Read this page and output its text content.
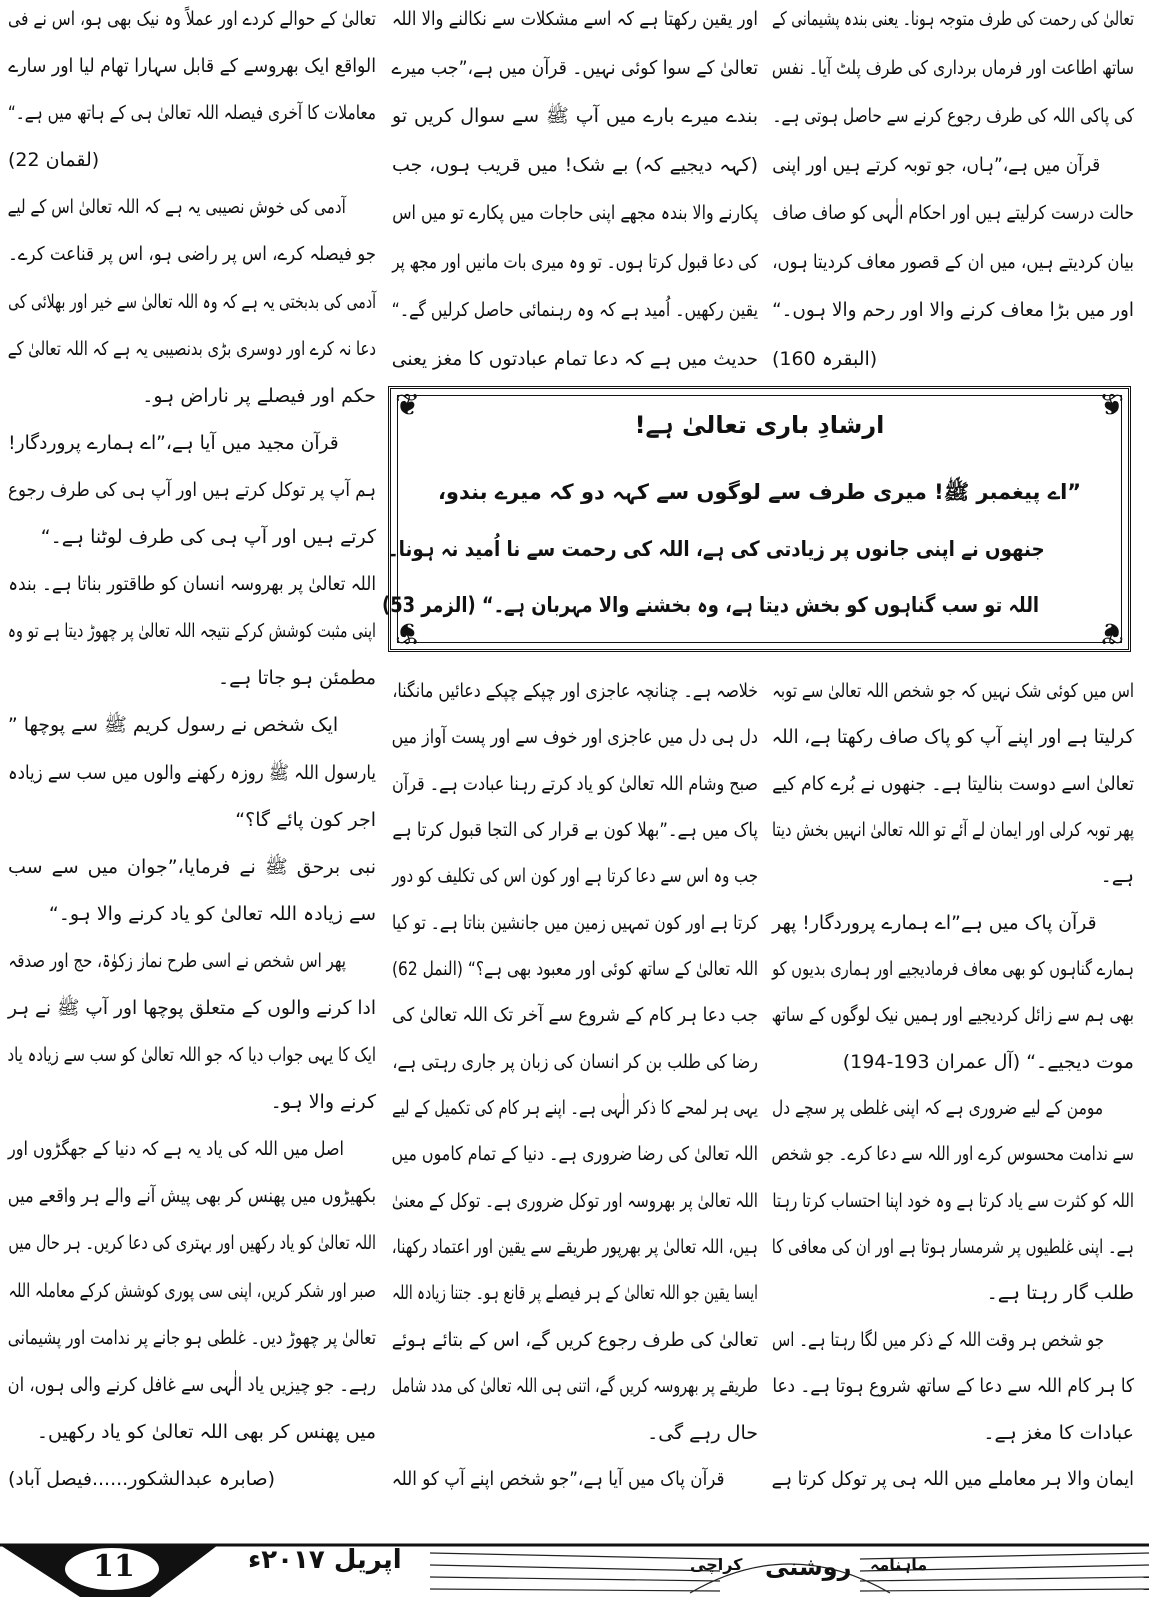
تعالیٰ کے حوالے کردے اور عملاً وہ نیک بھی ہو، اس نے فی
الواقع ایک بھروسے کے قابل سہارا تھام لیا اور سارے
معاملات کا آخری فیصلہ اللہ تعالیٰ ہی کے ہاتھ میں ہے۔“
(لقمان 22)
آدمی کی خوش نصیبی یہ ہے کہ اللہ تعالیٰ اس کے لیے
جو فیصلہ کرے، اس پر راضی ہو، اس پر قناعت کرے۔
آدمی کی بدبختی یہ ہے کہ وہ اللہ تعالیٰ سے خیر اور بھلائی کی
دعا نہ کرے اور دوسری بڑی بدنصیبی یہ ہے کہ اللہ تعالیٰ کے
حکم اور فیصلے پر ناراض ہو۔
قرآن مجید میں آیا ہے،”اے ہمارے پروردگار!
ہم آپ پر توکل کرتے ہیں اور آپ ہی کی طرف رجوع
کرتے ہیں اور آپ ہی کی طرف لوٹنا ہے۔“
اللہ تعالیٰ پر بھروسہ انسان کو طاقتور بناتا ہے۔ بندہ
اپنی مثبت کوشش کرکے نتیجہ اللہ تعالیٰ پر چھوڑ دیتا ہے تو وہ
مطمئن ہو جاتا ہے۔
ایک شخص نے رسول کریم ﷺ سے پوچھا ”
یارسول اللہ ﷺ روزہ رکھنے والوں میں سب سے زیادہ
اجر کون پائے گا؟“
نبی برحق ﷺ نے فرمایا،”جوان میں سے سب
سے زیادہ اللہ تعالیٰ کو یاد کرنے والا ہو۔“
پھر اس شخص نے اسی طرح نماز زکوٰۃ، حج اور صدقہ
ادا کرنے والوں کے متعلق پوچھا اور آپ ﷺ نے ہر
ایک کا یہی جواب دیا کہ جو اللہ تعالیٰ کو سب سے زیادہ یاد
کرنے والا ہو۔
اصل میں اللہ کی یاد یہ ہے کہ دنیا کے جھگڑوں اور
بکھیڑوں میں پھنس کر بھی پیش آنے والے ہر واقعے میں
اللہ تعالیٰ کو یاد رکھیں اور بہتری کی دعا کریں۔ ہر حال میں
صبر اور شکر کریں، اپنی سی پوری کوشش کرکے معاملہ اللہ
تعالیٰ پر چھوڑ دیں۔ غلطی ہو جانے پر ندامت اور پشیمانی
رہے۔ جو چیزیں یاد الٰہی سے غافل کرنے والی ہوں، ان
میں پھنس کر بھی اللہ تعالیٰ کو یاد رکھیں۔
(صابرہ عبدالشکور......فیصل آباد)
اور یقین رکھتا ہے کہ اسے مشکلات سے نکالنے والا اللہ
تعالیٰ کے سوا کوئی نہیں۔ قرآن میں ہے،”جب میرے
بندے میرے بارے میں آپ ﷺ سے سوال کریں تو
(کہہ دیجیے کہ) بے شک! میں قریب ہوں، جب
پکارنے والا بندہ مجھے اپنی حاجات میں پکارے تو میں اس
کی دعا قبول کرتا ہوں۔ تو وہ میری بات مانیں اور مجھ پر
یقین رکھیں۔ اُمید ہے کہ وہ رہنمائی حاصل کرلیں گے۔“
حدیث میں ہے کہ دعا تمام عبادتوں کا مغز یعنی
تعالیٰ کی رحمت کی طرف متوجہ ہونا۔ یعنی بندہ پشیمانی کے
ساتھ اطاعت اور فرماں برداری کی طرف پلٹ آیا۔ نفس
کی پاکی اللہ کی طرف رجوع کرنے سے حاصل ہوتی ہے۔
قرآن میں ہے،”ہاں، جو توبہ کرتے ہیں اور اپنی
حالت درست کرلیتے ہیں اور احکام الٰہی کو صاف صاف
بیان کردیتے ہیں، میں ان کے قصور معاف کردیتا ہوں،
اور میں بڑا معاف کرنے والا اور رحم والا ہوں۔“
(البقرہ 160)
❦	❦
❦	❦
ارشادِ باری تعالیٰ ہے!
”اے پیغمبر ﷺ! میری طرف سے لوگوں سے کہہ دو کہ میرے بندو،
جنھوں نے اپنی جانوں پر زیادتی کی ہے، اللہ کی رحمت سے نا اُمید نہ ہونا۔
اللہ تو سب گناہوں کو بخش دیتا ہے، وہ بخشنے والا مہربان ہے۔“ (الزمر 53)
خلاصہ ہے۔ چنانچہ عاجزی اور چپکے چپکے دعائیں مانگنا،
دل ہی دل میں عاجزی اور خوف سے اور پست آواز میں
صبح وشام اللہ تعالیٰ کو یاد کرتے رہنا عبادت ہے۔ قرآن
پاک میں ہے۔”بھلا کون بے قرار کی التجا قبول کرتا ہے
جب وہ اس سے دعا کرتا ہے اور کون اس کی تکلیف کو دور
کرتا ہے اور کون تمہیں زمین میں جانشین بناتا ہے۔ تو کیا
اللہ تعالیٰ کے ساتھ کوئی اور معبود بھی ہے؟“ (النمل 62)
جب دعا ہر کام کے شروع سے آخر تک اللہ تعالیٰ کی
رضا کی طلب بن کر انسان کی زبان پر جاری رہتی ہے،
یہی ہر لمحے کا ذکر الٰہی ہے۔ اپنے ہر کام کی تکمیل کے لیے
اللہ تعالیٰ کی رضا ضروری ہے۔ دنیا کے تمام کاموں میں
اللہ تعالیٰ پر بھروسہ اور توکل ضروری ہے۔ توکل کے معنیٰ
ہیں، اللہ تعالیٰ پر بھرپور طریقے سے یقین اور اعتماد رکھنا،
ایسا یقین جو اللہ تعالیٰ کے ہر فیصلے پر قانع ہو۔ جتنا زیادہ اللہ
تعالیٰ کی طرف رجوع کریں گے، اس کے بتائے ہوئے
طریقے پر بھروسہ کریں گے، اتنی ہی اللہ تعالیٰ کی مدد شامل
حال رہے گی۔
قرآن پاک میں آیا ہے،”جو شخص اپنے آپ کو اللہ
اس میں کوئی شک نہیں کہ جو شخص اللہ تعالیٰ سے توبہ
کرلیتا ہے اور اپنے آپ کو پاک صاف رکھتا ہے، اللہ
تعالیٰ اسے دوست بنالیتا ہے۔ جنھوں نے بُرے کام کیے
پھر توبہ کرلی اور ایمان لے آئے تو اللہ تعالیٰ انہیں بخش دیتا
ہے۔
قرآن پاک میں ہے”اے ہمارے پروردگار! پھر
ہمارے گناہوں کو بھی معاف فرمادیجیے اور ہماری بدیوں کو
بھی ہم سے زائل کردیجیے اور ہمیں نیک لوگوں کے ساتھ
موت دیجیے۔“ (آل عمران 193-194)
مومن کے لیے ضروری ہے کہ اپنی غلطی پر سچے دل
سے ندامت محسوس کرے اور اللہ سے دعا کرے۔ جو شخص
اللہ کو کثرت سے یاد کرتا ہے وہ خود اپنا احتساب کرتا رہتا
ہے۔ اپنی غلطیوں پر شرمسار ہوتا ہے اور ان کی معافی کا
طلب گار رہتا ہے۔
جو شخص ہر وقت اللہ کے ذکر میں لگا رہتا ہے۔ اس
کا ہر کام اللہ سے دعا کے ساتھ شروع ہوتا ہے۔ دعا
عبادات کا مغز ہے۔
ایمان والا ہر معاملے میں اللہ ہی پر توکل کرتا ہے
11	اپریل ۲۰۱۷ء	کراچی روشنی ماہنامہ
